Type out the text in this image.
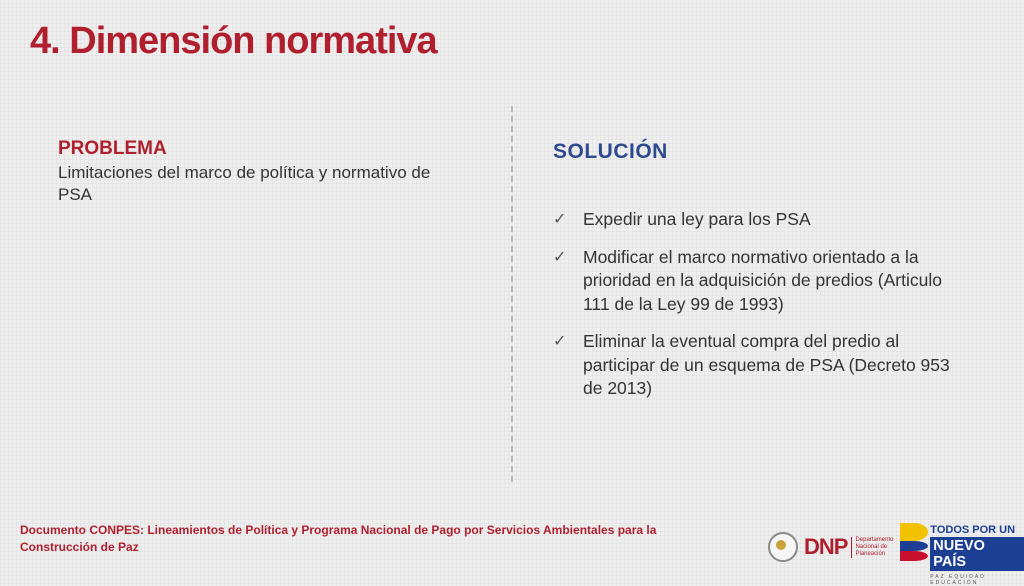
4. Dimensión normativa
PROBLEMA
Limitaciones del marco de política y normativo de PSA
SOLUCIÓN
✓ Expedir una ley para los PSA
✓ Modificar el marco normativo orientado a la prioridad en la adquisición de predios (Articulo 111 de la Ley 99 de 1993)
✓ Eliminar la eventual compra del predio al participar de un esquema de PSA (Decreto 953 de 2013)
Documento CONPES: Lineamientos de Política y Programa Nacional de Pago por Servicios Ambientales para la Construcción de Paz	DNP	Departamento Nacional de Planeación
TODOS POR UN
NUEVO PAÍS
PAZ EQUIDAD EDUCACIÓN
